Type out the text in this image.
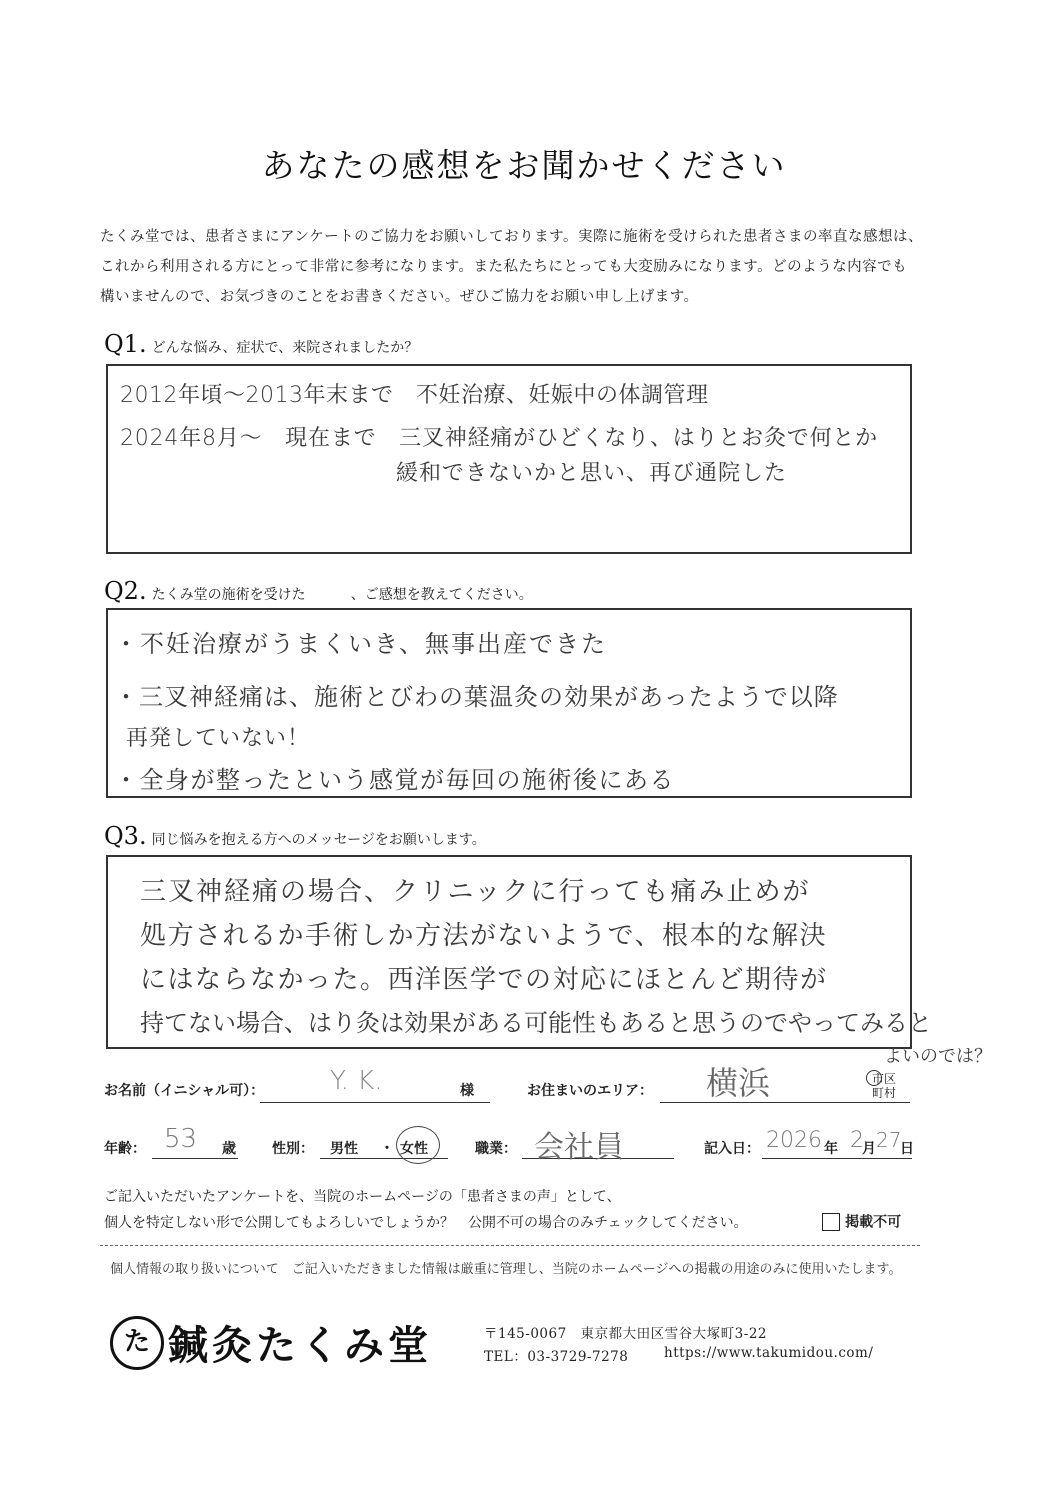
あなたの感想をお聞かせください
たくみ堂では、患者さまにアンケートのご協力をお願いしております。実際に施術を受けられた患者さまの率直な感想は、
これから利用される方にとって非常に参考になります。また私たちにとっても大変励みになります。どのような内容でも
構いませんので、お気づきのことをお書きください。ぜひご協力をお願い申し上げます。
Q1. どんな悩み、症状で、来院されましたか？
2012年頃～2013年末まで　不妊治療、妊娠中の体調管理
2024年8月～　現在まで　三叉神経痛がひどくなり、はりとお灸で何とか
緩和できないかと思い、再び通院した
Q2. たくみ堂の施術を受けた	、ご感想を教えてください。
・不妊治療がうまくいき、無事出産できた
・三叉神経痛は、施術とびわの葉温灸の効果があったようで以降
再発していない！
・全身が整ったという感覚が毎回の施術後にある
Q3. 同じ悩みを抱える方へのメッセージをお願いします。
三叉神経痛の場合、クリニックに行っても痛み止めが
処方されるか手術しか方法がないようで、根本的な解決
にはならなかった。西洋医学での対応にほとんど期待が
持てない場合、はり灸は効果がある可能性もあると思うのでやってみると
よいのでは？
お名前（イニシャル可）：	Y. K.	様	お住まいのエリア： 横浜	市区
町村
年齢： 53 歳	性別： 男性 ・ 女性	職業： 会社員	記入日： 2026 年 2
月 27
日
ご記入いただいたアンケートを、当院のホームページの「患者さまの声」として、
個人を特定しない形で公開してもよろしいでしょうか？　公開不可の場合のみチェックしてください。	掲載不可
個人情報の取り扱いについて　ご記入いただきました情報は厳重に管理し、当院のホームページへの掲載の用途のみに使用いたします。
た 鍼灸たくみ堂	〒145-0067　東京都大田区雪谷大塚町3-22
TEL：03-3729-7278	https://www.takumidou.com/
